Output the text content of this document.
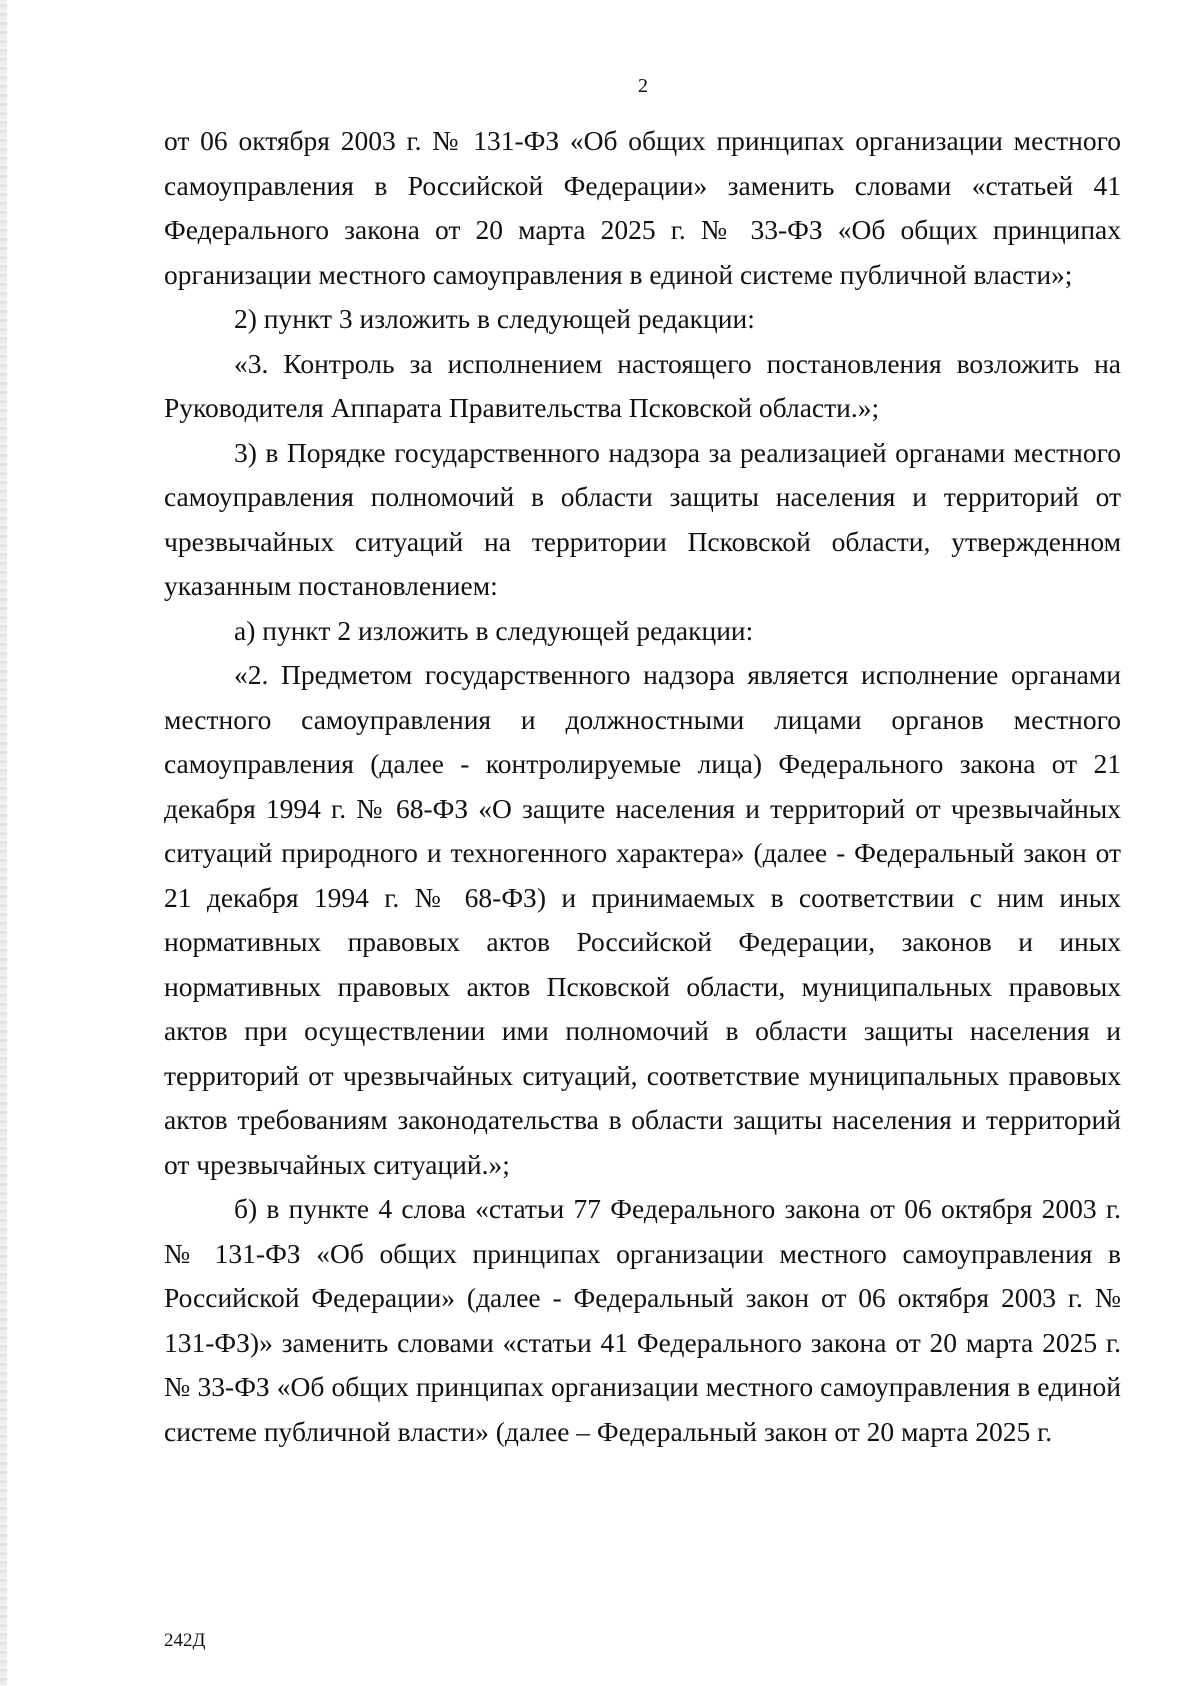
2

от 06 октября 2003 г. № 131-ФЗ «Об общих принципах организации местного самоуправления в Российской Федерации» заменить словами «статьей 41 Федерального закона от 20 марта 2025 г. № 33-ФЗ «Об общих принципах организации местного самоуправления в единой системе публичной власти»;

2) пункт 3 изложить в следующей редакции:

«3. Контроль за исполнением настоящего постановления возложить на Руководителя Аппарата Правительства Псковской области.»;

3) в Порядке государственного надзора за реализацией органами местного самоуправления полномочий в области защиты населения и территорий от чрезвычайных ситуаций на территории Псковской области, утвержденном указанным постановлением:

а) пункт 2 изложить в следующей редакции:

«2. Предметом государственного надзора является исполнение органами местного самоуправления и должностными лицами органов местного самоуправления (далее - контролируемые лица) Федерального закона от 21 декабря 1994 г. № 68-ФЗ «О защите населения и территорий от чрезвычайных ситуаций природного и техногенного характера» (далее - Федеральный закон от 21 декабря 1994 г. № 68-ФЗ) и принимаемых в соответствии с ним иных нормативных правовых актов Российской Федерации, законов и иных нормативных правовых актов Псковской области, муниципальных правовых актов при осуществлении ими полномочий в области защиты населения и территорий от чрезвычайных ситуаций, соответствие муниципальных правовых актов требованиям законодательства в области защиты населения и территорий от чрезвычайных ситуаций.»;

б) в пункте 4 слова «статьи 77 Федерального закона от 06 октября 2003 г. № 131-ФЗ «Об общих принципах организации местного самоуправления в Российской Федерации» (далее - Федеральный закон от 06 октября 2003 г. № 131-ФЗ)» заменить словами «статьи 41 Федерального закона от 20 марта 2025 г. № 33-ФЗ «Об общих принципах организации местного самоуправления в единой системе публичной власти» (далее – Федеральный закон от 20 марта 2025 г.

242Д
